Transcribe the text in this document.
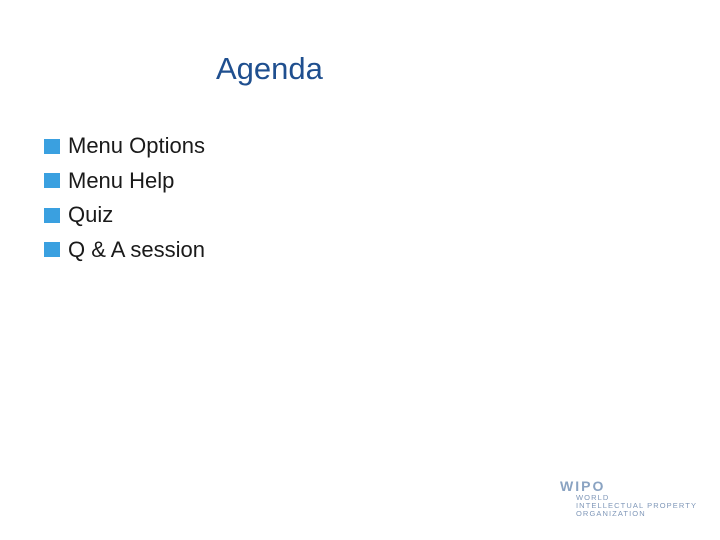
Agenda
Menu Options
Menu Help
Quiz
Q & A session
WIPO
WORLD
INTELLECTUAL PROPERTY
ORGANIZATION
